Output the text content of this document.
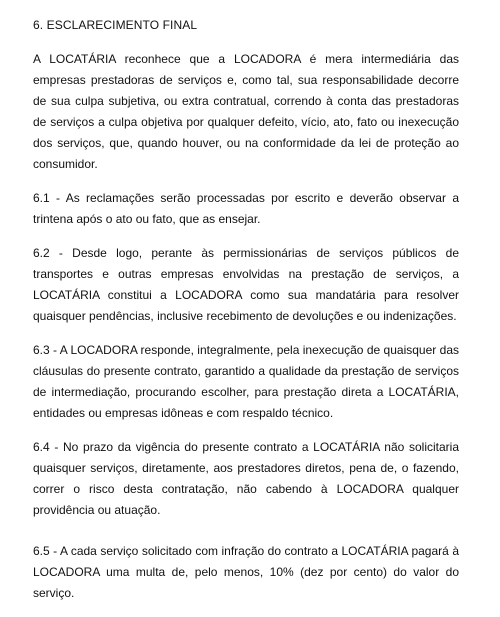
6. ESCLARECIMENTO FINAL

A LOCATÁRIA reconhece que a LOCADORA é mera intermediária das empresas prestadoras de serviços e, como tal, sua responsabilidade decorre de sua culpa subjetiva, ou extra contratual, correndo à conta das prestadoras de serviços a culpa objetiva por qualquer defeito, vício, ato, fato ou inexecução dos serviços, que, quando houver, ou na conformidade da lei de proteção ao consumidor.

6.1 - As reclamações serão processadas por escrito e deverão observar a trintena após o ato ou fato, que as ensejar.

6.2 - Desde logo, perante às permissionárias de serviços públicos de transportes e outras empresas envolvidas na prestação de serviços, a LOCATÁRIA constitui a LOCADORA como sua mandatária para resolver quaisquer pendências, inclusive recebimento de devoluções e ou indenizações.

6.3 - A LOCADORA responde, integralmente, pela inexecução de quaisquer das cláusulas do presente contrato, garantido a qualidade da prestação de serviços de intermediação, procurando escolher, para prestação direta a LOCATÁRIA, entidades ou empresas idôneas e com respaldo técnico.

6.4 - No prazo da vigência do presente contrato a LOCATÁRIA não solicitaria quaisquer serviços, diretamente, aos prestadores diretos, pena de, o fazendo, correr o risco desta contratação, não cabendo à LOCADORA qualquer providência ou atuação.

6.5 - A cada serviço solicitado com infração do contrato a LOCATÁRIA pagará à LOCADORA uma multa de, pelo menos, 10% (dez por cento) do valor do serviço.
